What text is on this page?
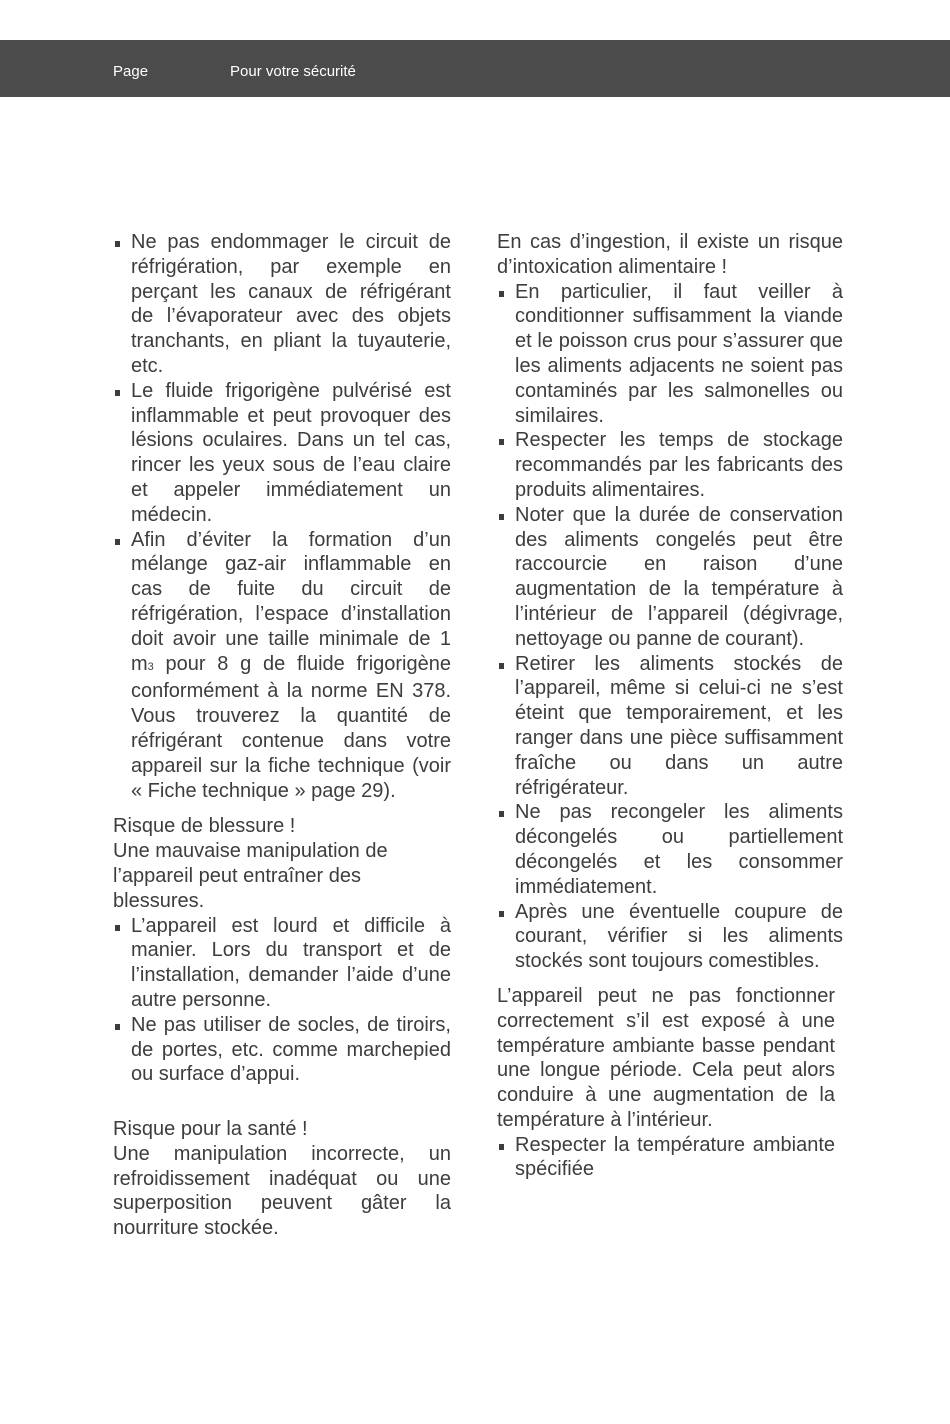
Page	Pour votre sécurité
Ne pas endommager le circuit de réfrigération, par exemple en perçant les canaux de réfrigérant de l’évaporateur avec des objets tranchants, en pliant la tuyauterie, etc.
Le fluide frigorigène pulvérisé est inflammable et peut provoquer des lésions oculaires. Dans un tel cas, rincer les yeux sous de l’eau claire et appeler immédiatement un médecin.
Afin d’éviter la formation d’un mélange gaz-air inflammable en cas de fuite du circuit de réfrigération, l’espace d’installation doit avoir une taille minimale de 1 m3 pour 8 g de fluide frigorigène conformément à la norme EN 378. Vous trouverez la quantité de réfrigérant contenue dans votre appareil sur la fiche technique (voir « Fiche technique » page 29).

Risque de blessure !

Une mauvaise manipulation de l’appareil peut entraîner des blessures.

L’appareil est lourd et difficile à manier. Lors du transport et de l’installation, demander l’aide d’une autre personne.
Ne pas utiliser de socles, de tiroirs, de portes, etc. comme marchepied ou surface d’appui.

Risque pour la santé !

Une manipulation incorrecte, un refroidissement inadéquat ou une superposition peuvent gâter la nourriture stockée.

En cas d’ingestion, il existe un risque d’intoxication alimentaire !

En particulier, il faut veiller à conditionner suffisamment la viande et le poisson crus pour s’assurer que les aliments adjacents ne soient pas contaminés par les salmonelles ou similaires.
Respecter les temps de stockage recommandés par les fabricants des produits alimentaires.
Noter que la durée de conservation des aliments congelés peut être raccourcie en raison d’une augmentation de la température à l’intérieur de l’appareil (dégivrage, nettoyage ou panne de courant).
Retirer les aliments stockés de l’appareil, même si celui-ci ne s’est éteint que temporairement, et les ranger dans une pièce suffisamment fraîche ou dans un autre réfrigérateur.
Ne pas recongeler les aliments décongelés ou partiellement décongelés et les consommer immédiatement.
Après une éventuelle coupure de courant, vérifier si les aliments stockés sont toujours comestibles.

L’appareil peut ne pas fonctionner correctement s’il est exposé à une température ambiante basse pendant une longue période. Cela peut alors conduire à une augmentation de la température à l’intérieur.

Respecter la température ambiante spécifiée
